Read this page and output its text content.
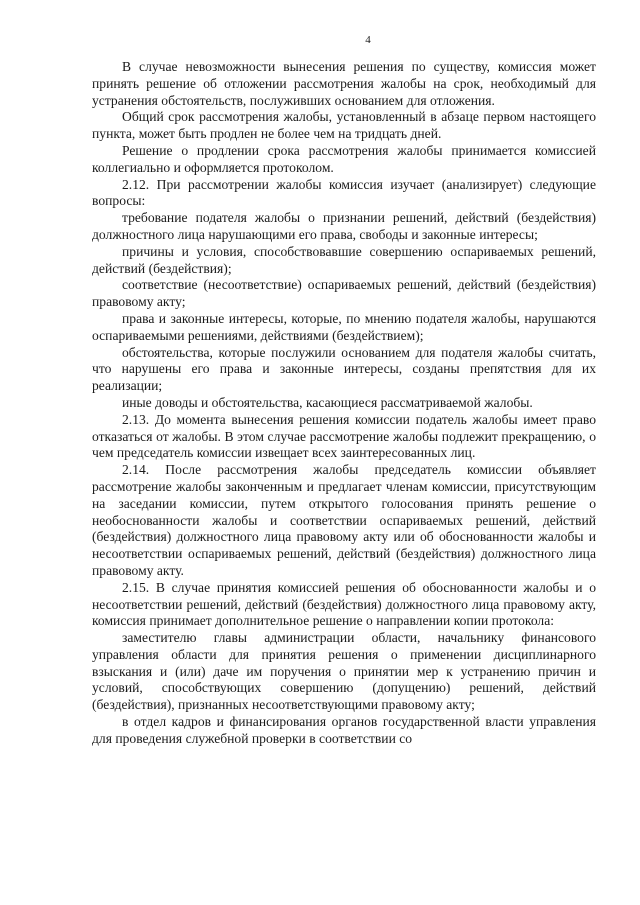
4

В случае невозможности вынесения решения по существу, комиссия может принять решение об отложении рассмотрения жалобы на срок, необходимый для устранения обстоятельств, послуживших основанием для отложения.

Общий срок рассмотрения жалобы, установленный в абзаце первом настоящего пункта, может быть продлен не более чем на тридцать дней.

Решение о продлении срока рассмотрения жалобы принимается комиссией коллегиально и оформляется протоколом.

2.12. При рассмотрении жалобы комиссия изучает (анализирует) следующие вопросы:

требование подателя жалобы о признании решений, действий (бездействия) должностного лица нарушающими его права, свободы и законные интересы;

причины и условия, способствовавшие совершению оспариваемых решений, действий (бездействия);

соответствие (несоответствие) оспариваемых решений, действий (бездействия) правовому акту;

права и законные интересы, которые, по мнению подателя жалобы, нарушаются оспариваемыми решениями, действиями (бездействием);

обстоятельства, которые послужили основанием для подателя жалобы считать, что нарушены его права и законные интересы, созданы препятствия для их реализации;

иные доводы и обстоятельства, касающиеся рассматриваемой жалобы.

2.13. До момента вынесения решения комиссии податель жалобы имеет право отказаться от жалобы. В этом случае рассмотрение жалобы подлежит прекращению, о чем председатель комиссии извещает всех заинтересованных лиц.

2.14. После рассмотрения жалобы председатель комиссии объявляет рассмотрение жалобы законченным и предлагает членам комиссии, присутствующим на заседании комиссии, путем открытого голосования принять решение о необоснованности жалобы и соответствии оспариваемых решений, действий (бездействия) должностного лица правовому акту или об обоснованности жалобы и несоответствии оспариваемых решений, действий (бездействия) должностного лица правовому акту.

2.15. В случае принятия комиссией решения об обоснованности жалобы и о несоответствии решений, действий (бездействия) должностного лица правовому акту, комиссия принимает дополнительное решение о направлении копии протокола:

заместителю главы администрации области, начальнику финансового управления области для принятия решения о применении дисциплинарного взыскания и (или) даче им поручения о принятии мер к устранению причин и условий, способствующих совершению (допущению) решений, действий (бездействия), признанных несоответствующими правовому акту;

в отдел кадров и финансирования органов государственной власти управления для проведения служебной проверки в соответствии со
